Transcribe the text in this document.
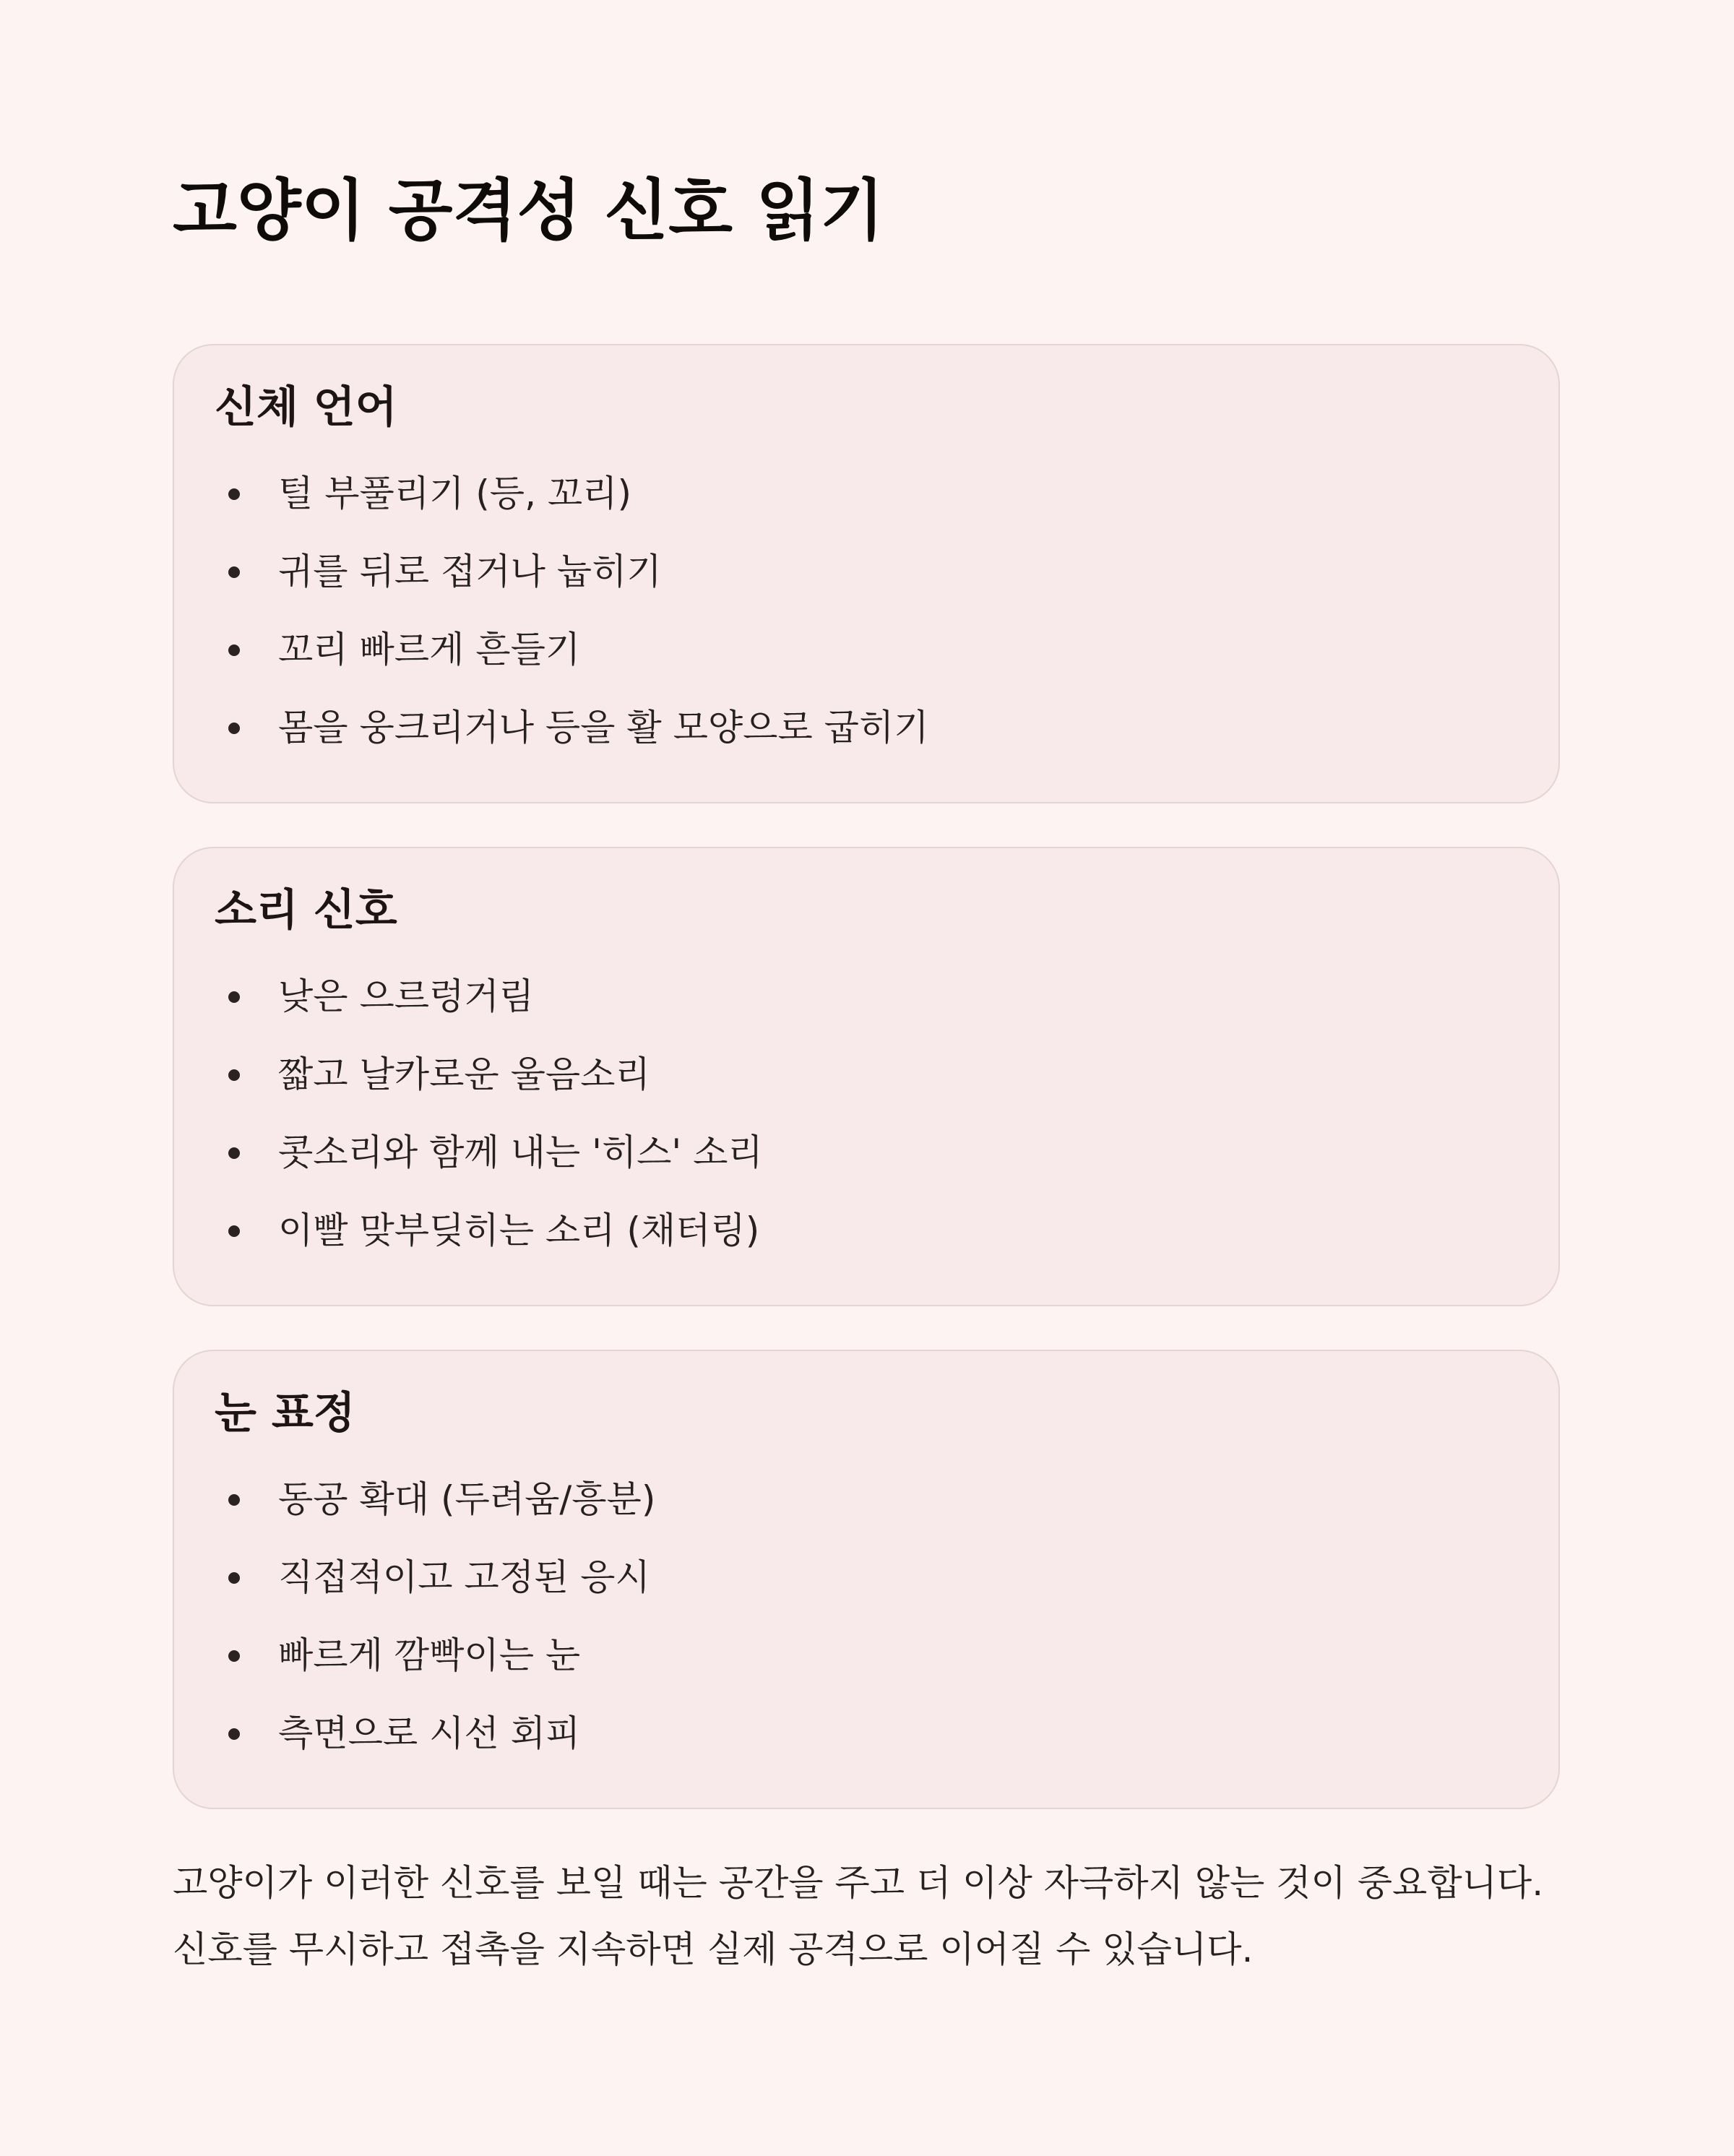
고양이 공격성 신호 읽기
신체 언어
털 부풀리기 (등, 꼬리)
귀를 뒤로 접거나 눕히기
꼬리 빠르게 흔들기
몸을 웅크리거나 등을 활 모양으로 굽히기
소리 신호
낮은 으르렁거림
짧고 날카로운 울음소리
콧소리와 함께 내는 '히스' 소리
이빨 맞부딪히는 소리 (채터링)
눈 표정
동공 확대 (두려움/흥분)
직접적이고 고정된 응시
빠르게 깜빡이는 눈
측면으로 시선 회피

고양이가 이러한 신호를 보일 때는 공간을 주고 더 이상 자극하지 않는 것이 중요합니다. 신호를 무시하고 접촉을 지속하면 실제 공격으로 이어질 수 있습니다.
